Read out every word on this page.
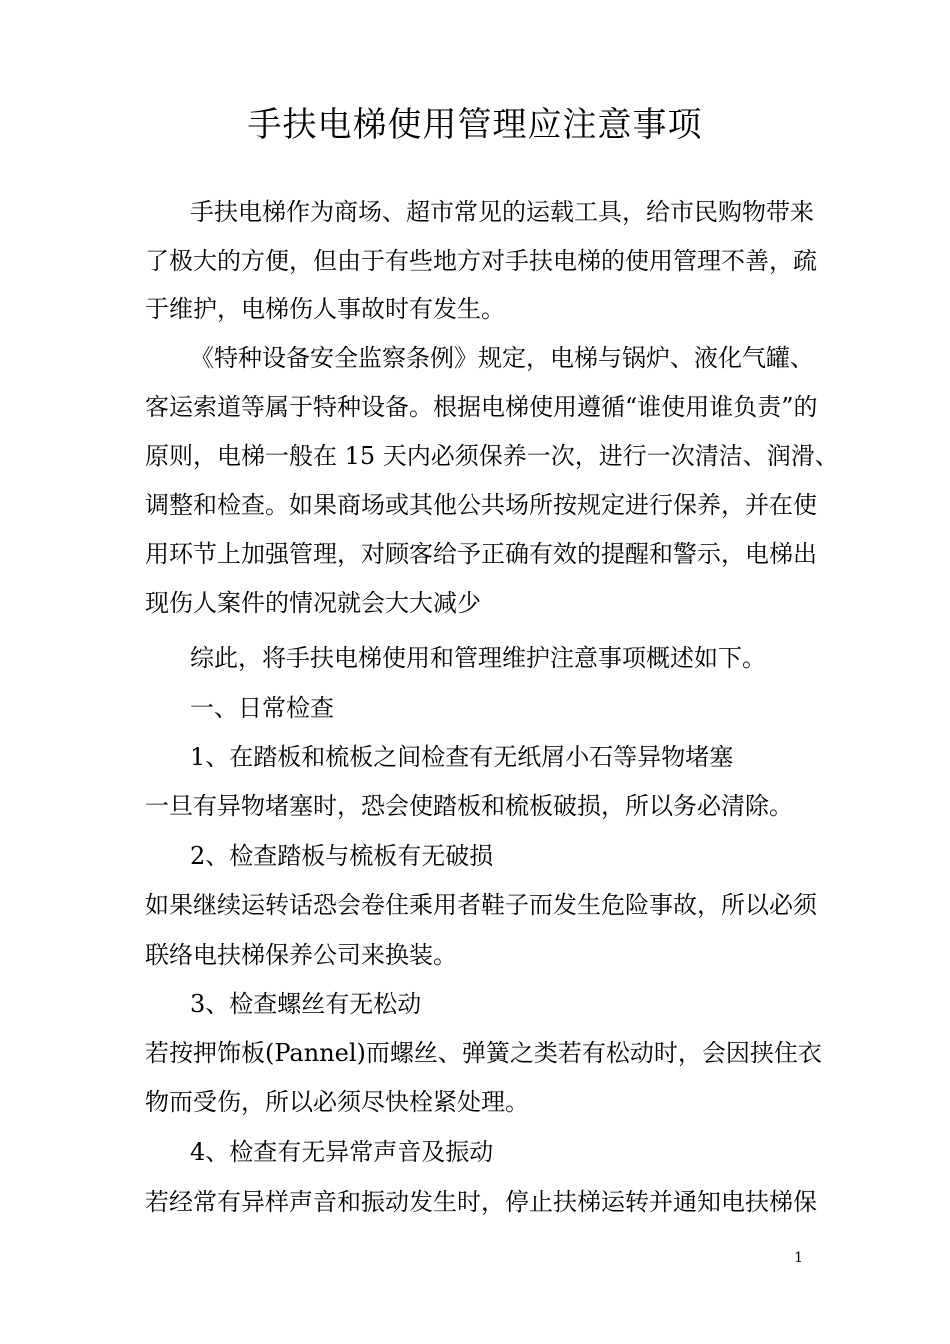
手扶电梯使用管理应注意事项
手扶电梯作为商场、超市常见的运载工具，给市民购物带来
了极大的方便，但由于有些地方对手扶电梯的使用管理不善，疏
于维护，电梯伤人事故时有发生。
《特种设备安全监察条例》规定，电梯与锅炉、液化气罐、
客运索道等属于特种设备。根据电梯使用遵循“谁使用谁负责”的
原则，电梯一般在 15 天内必须保养一次，进行一次清洁、润滑、
调整和检查。如果商场或其他公共场所按规定进行保养，并在使
用环节上加强管理，对顾客给予正确有效的提醒和警示，电梯出
现伤人案件的情况就会大大减少
综此，将手扶电梯使用和管理维护注意事项概述如下。
一、日常检查
1、在踏板和梳板之间检查有无纸屑小石等异物堵塞
一旦有异物堵塞时，恐会使踏板和梳板破损，所以务必清除。
2、检查踏板与梳板有无破损
如果继续运转话恐会卷住乘用者鞋子而发生危险事故，所以必须
联络电扶梯保养公司来换装。
3、检查螺丝有无松动
若按押饰板(Pannel)而螺丝、弹簧之类若有松动时，会因挟住衣
物而受伤，所以必须尽快栓紧处理。
4、检查有无异常声音及振动
若经常有异样声音和振动发生时，停止扶梯运转并通知电扶梯保
1
